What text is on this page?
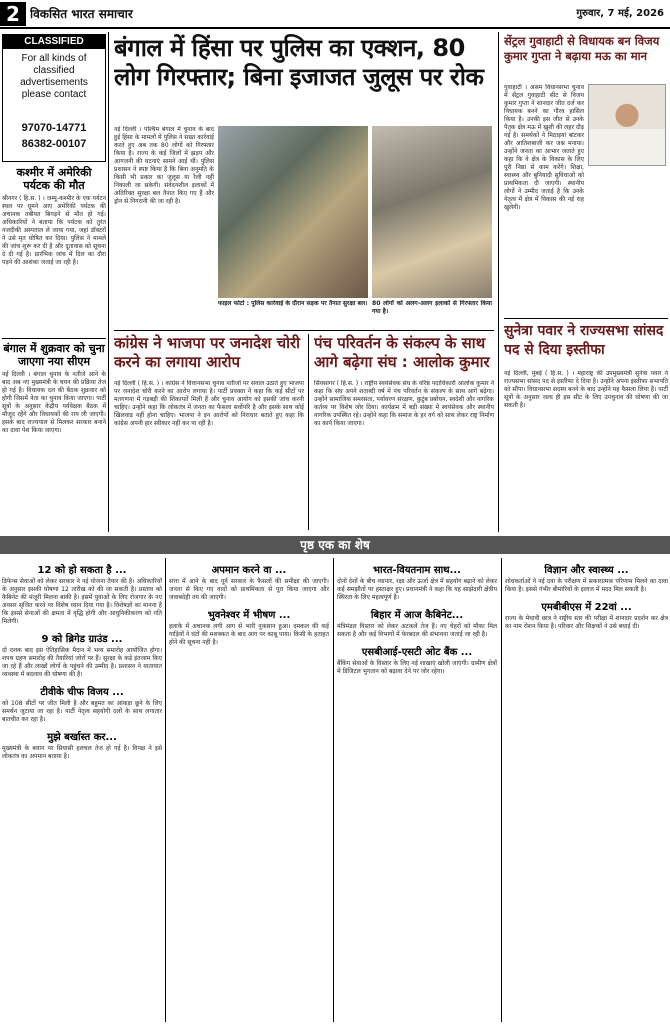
2 विकसित भारत समाचार	गुरुवार, 7 मई, 2026
CLASSIFIED
For all kinds of
classified
advertisements
please contact
97070-14771
86382-00107
कश्मीर में अमेरिकी पर्यटक की मौत
श्रीनगर ( हि.स. ) । जम्मू-कश्मीर के एक पर्यटन स्थल पर घूमने आए अमेरिकी पर्यटक की अचानक तबीयत बिगड़ने से मौत हो गई। अधिकारियों ने बताया कि पर्यटक को तुरंत नजदीकी अस्पताल ले जाया गया, जहां डॉक्टरों ने उसे मृत घोषित कर दिया। पुलिस ने मामले की जांच शुरू कर दी है और दूतावास को सूचना दे दी गई है। प्रारंभिक जांच में दिल का दौरा पड़ने की आशंका जताई जा रही है।
बंगाल में शुक्रवार को चुना जाएगा नया सीएम
नई दिल्ली । बंगाल चुनाव के नतीजे आने के बाद अब नए मुख्यमंत्री के चयन की प्रक्रिया तेज हो गई है। विधायक दल की बैठक शुक्रवार को होगी जिसमें नेता का चुनाव किया जाएगा। पार्टी सूत्रों के अनुसार केंद्रीय पर्यवेक्षक बैठक में मौजूद रहेंगे और विधायकों की राय ली जाएगी। इसके बाद राज्यपाल से मिलकर सरकार बनाने का दावा पेश किया जाएगा।
बंगाल में हिंसा पर पुलिस का एक्शन, 80 लोग गिरफ्तार; बिना इजाजत जुलूस पर रोक
नई दिल्ली । पश्चिम बंगाल में चुनाव के बाद हुई हिंसा के मामलों में पुलिस ने सख्त कार्रवाई करते हुए अब तक 80 लोगों को गिरफ्तार किया है। राज्य के कई जिलों में झड़प और आगजनी की घटनाएं सामने आई थीं। पुलिस प्रशासन ने स्पष्ट किया है कि बिना अनुमति के किसी भी प्रकार का जुलूस या रैली नहीं निकाली जा सकेगी। संवेदनशील इलाकों में अतिरिक्त सुरक्षा बल तैनात किए गए हैं और ड्रोन से निगरानी की जा रही है।
फाइल फोटो : पुलिस कार्रवाई के दौरान सड़क पर तैनात सुरक्षा बल। 80 लोगों को अलग-अलग इलाकों से गिरफ्तार किया गया है।
कांग्रेस ने भाजपा पर जनादेश चोरी करने का लगाया आरोप
नई दिल्ली ( हि.स. ) । कांग्रेस ने विधानसभा चुनाव नतीजों पर सवाल उठाते हुए भाजपा पर जनादेश चोरी करने का आरोप लगाया है। पार्टी प्रवक्ता ने कहा कि कई सीटों पर मतगणना में गड़बड़ी की शिकायतें मिली हैं और चुनाव आयोग को इसकी जांच करनी चाहिए। उन्होंने कहा कि लोकतंत्र में जनता का फैसला सर्वोपरि है और इसके साथ कोई खिलवाड़ नहीं होना चाहिए। भाजपा ने इन आरोपों को निराधार बताते हुए कहा कि कांग्रेस अपनी हार स्वीकार नहीं कर पा रही है।
पंच परिवर्तन के संकल्प के साथ आगे बढ़ेगा संघ : आलोक कुमार
सिवसागर ( हि.स. ) । राष्ट्रीय स्वयंसेवक संघ के वरिष्ठ पदाधिकारी आलोक कुमार ने कहा कि संघ अपने शताब्दी वर्ष में पंच परिवर्तन के संकल्प के साथ आगे बढ़ेगा। उन्होंने सामाजिक समरसता, पर्यावरण संरक्षण, कुटुंब प्रबोधन, स्वदेशी और नागरिक कर्तव्य पर विशेष जोर दिया। कार्यक्रम में बड़ी संख्या में स्वयंसेवक और स्थानीय नागरिक उपस्थित रहे। उन्होंने कहा कि समाज के हर वर्ग को साथ लेकर राष्ट्र निर्माण का कार्य किया जाएगा।
सेंट्रल गुवाहाटी से विधायक बन विजय कुमार गुप्ता ने बढ़ाया मऊ का मान
गुवाहाटी । असम विधानसभा चुनाव में सेंट्रल गुवाहाटी सीट से विजय कुमार गुप्ता ने शानदार जीत दर्ज कर विधायक बनने का गौरव हासिल किया है। उनकी इस जीत से उनके पैतृक क्षेत्र मऊ में खुशी की लहर दौड़ गई है। समर्थकों ने मिठाइयां बांटकर और आतिशबाजी कर जश्न मनाया। उन्होंने जनता का आभार जताते हुए कहा कि वे क्षेत्र के विकास के लिए पूरी निष्ठा से काम करेंगे। शिक्षा, स्वास्थ्य और बुनियादी सुविधाओं को प्राथमिकता दी जाएगी। स्थानीय लोगों ने उम्मीद जताई है कि उनके नेतृत्व में क्षेत्र में विकास की नई राह खुलेगी।
सुनेत्रा पवार ने राज्यसभा सांसद पद से दिया इस्तीफा
नई दिल्ली, मुंबई ( हि.स. ) । महाराष्ट्र की उपमुख्यमंत्री सुनेत्रा पवार ने राज्यसभा सांसद पद से इस्तीफा दे दिया है। उन्होंने अपना इस्तीफा सभापति को सौंपा। विधानसभा सदस्य बनने के बाद उन्होंने यह फैसला लिया है। पार्टी सूत्रों के अनुसार जल्द ही इस सीट के लिए उपचुनाव की घोषणा की जा सकती है।
पृष्ठ एक का शेष
12 को हो सकता है ...
डिफेन्स सेवाओं को लेकर सरकार ने नई योजना तैयार की है। अधिकारियों के अनुसार इसकी घोषणा 12 तारीख को की जा सकती है। प्रस्ताव को कैबिनेट की मंजूरी मिलना बाकी है। इसमें युवाओं के लिए रोजगार के नए अवसर सृजित करने पर विशेष ध्यान दिया गया है। विशेषज्ञों का मानना है कि इससे सेनाओं की क्षमता में वृद्धि होगी और आधुनिकीकरण को गति मिलेगी।
9 को ब्रिगेड ग्राउंड ...
दो दशक बाद इस ऐतिहासिक मैदान में भव्य समारोह आयोजित होगा। शपथ ग्रहण समारोह की तैयारियां जोरों पर हैं। सुरक्षा के कड़े इंतजाम किए जा रहे हैं और लाखों लोगों के पहुंचने की उम्मीद है। प्रशासन ने यातायात व्यवस्था में बदलाव की घोषणा की है।
टीवीके चीफ विजय ...
को 108 सीटों पर जीत मिली है और बहुमत का आंकड़ा छूने के लिए समर्थन जुटाया जा रहा है। पार्टी नेतृत्व सहयोगी दलों के साथ लगातार बातचीत कर रहा है।
मुझे बर्खास्त कर...
मुख्यमंत्री के बयान पर सियासी हलचल तेज हो गई है। विपक्ष ने इसे लोकतंत्र का अपमान बताया है।
अपमान करने वा ...
सत्ता में आने के बाद पूर्व सरकार के फैसलों की समीक्षा की जाएगी। जनता से किए गए वादों को प्राथमिकता से पूरा किया जाएगा और जवाबदेही तय की जाएगी।
भुवनेश्वर में भीषण ...
इलाके में अचानक लगी आग से भारी नुकसान हुआ। दमकल की कई गाड़ियों ने घंटों की मशक्कत के बाद आग पर काबू पाया। किसी के हताहत होने की सूचना नहीं है।
भारत-वियतनाम साथ...
दोनों देशों के बीच व्यापार, रक्षा और ऊर्जा क्षेत्र में सहयोग बढ़ाने को लेकर कई समझौतों पर हस्ताक्षर हुए। प्रधानमंत्री ने कहा कि यह साझेदारी क्षेत्रीय स्थिरता के लिए महत्वपूर्ण है।
बिहार में आज कैबिनेट...
मंत्रिमंडल विस्तार को लेकर अटकलें तेज हैं। नए चेहरों को मौका मिल सकता है और कई विभागों में फेरबदल की संभावना जताई जा रही है।
एसबीआई-एसटी ओट बैंक ...
बैंकिंग सेवाओं के विस्तार के लिए नई शाखाएं खोली जाएंगी। ग्रामीण क्षेत्रों में डिजिटल भुगतान को बढ़ावा देने पर जोर रहेगा।
विज्ञान और स्वास्थ्य ...
शोधकर्ताओं ने नई दवा के परीक्षण में सकारात्मक परिणाम मिलने का दावा किया है। इससे गंभीर बीमारियों के इलाज में मदद मिल सकती है।
एमबीबीएस में 22वां ...
राज्य के मेधावी छात्र ने राष्ट्रीय स्तर की परीक्षा में शानदार प्रदर्शन कर क्षेत्र का नाम रोशन किया है। परिवार और शिक्षकों ने उसे बधाई दी।
